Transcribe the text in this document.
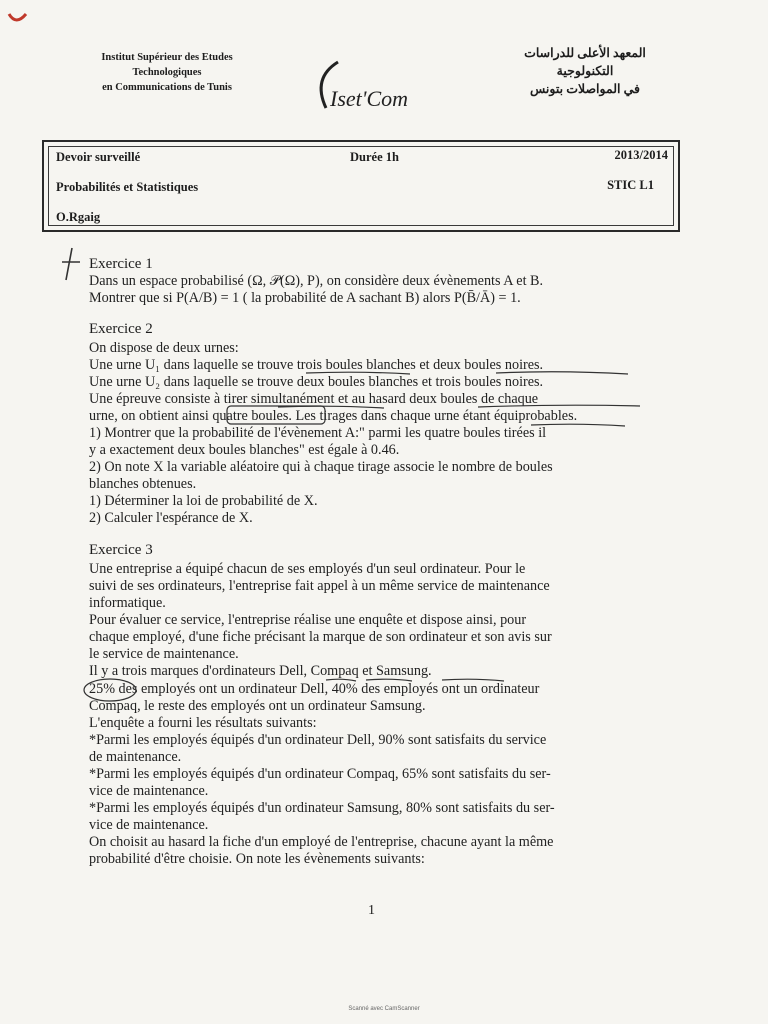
Institut Supérieur des Etudes
Technologiques
en Communications de Tunis	Iset'Com
المعهد الأعلى للدراسات
التكنولوجية
في المواصلات بتونس
Devoir surveillé	Durée 1h	2013/2014
Probabilités et Statistiques	STIC L1
O.Rgaig
Exercice 1
Dans un espace probabilisé (Ω, 𝒫(Ω), P), on considère deux évènements A et B.
Montrer que si P(A/B) = 1 ( la probabilité de A sachant B) alors P(B̄/Ā) = 1.
Exercice 2
On dispose de deux urnes:
Une urne U₁ dans laquelle se trouve trois boules blanches et deux boules noires.
Une urne U₂ dans laquelle se trouve deux boules blanches et trois boules noires.
Une épreuve consiste à tirer simultanément et au hasard deux boules de chaque
urne, on obtient ainsi quatre boules. Les tirages dans chaque urne étant équiprobables.
1) Montrer que la probabilité de l'évènement A:" parmi les quatre boules tirées il
y a exactement deux boules blanches" est égale à 0.46.
2) On note X la variable aléatoire qui à chaque tirage associe le nombre de boules
blanches obtenues.
1) Déterminer la loi de probabilité de X.
2) Calculer l'espérance de X.
Exercice 3
Une entreprise a équipé chacun de ses employés d'un seul ordinateur. Pour le
suivi de ses ordinateurs, l'entreprise fait appel à un même service de maintenance
informatique.
Pour évaluer ce service, l'entreprise réalise une enquête et dispose ainsi, pour
chaque employé, d'une fiche précisant la marque de son ordinateur et son avis sur
le service de maintenance.
Il y a trois marques d'ordinateurs Dell, Compaq et Samsung.
25% des employés ont un ordinateur Dell, 40% des employés ont un ordinateur
Compaq, le reste des employés ont un ordinateur Samsung.
L'enquête a fourni les résultats suivants:
*Parmi les employés équipés d'un ordinateur Dell, 90% sont satisfaits du service
de maintenance.
*Parmi les employés équipés d'un ordinateur Compaq, 65% sont satisfaits du ser-
vice de maintenance.
*Parmi les employés équipés d'un ordinateur Samsung, 80% sont satisfaits du ser-
vice de maintenance.
On choisit au hasard la fiche d'un employé de l'entreprise, chacune ayant la même
probabilité d'être choisie. On note les évènements suivants:
1
Scanné avec CamScanner
